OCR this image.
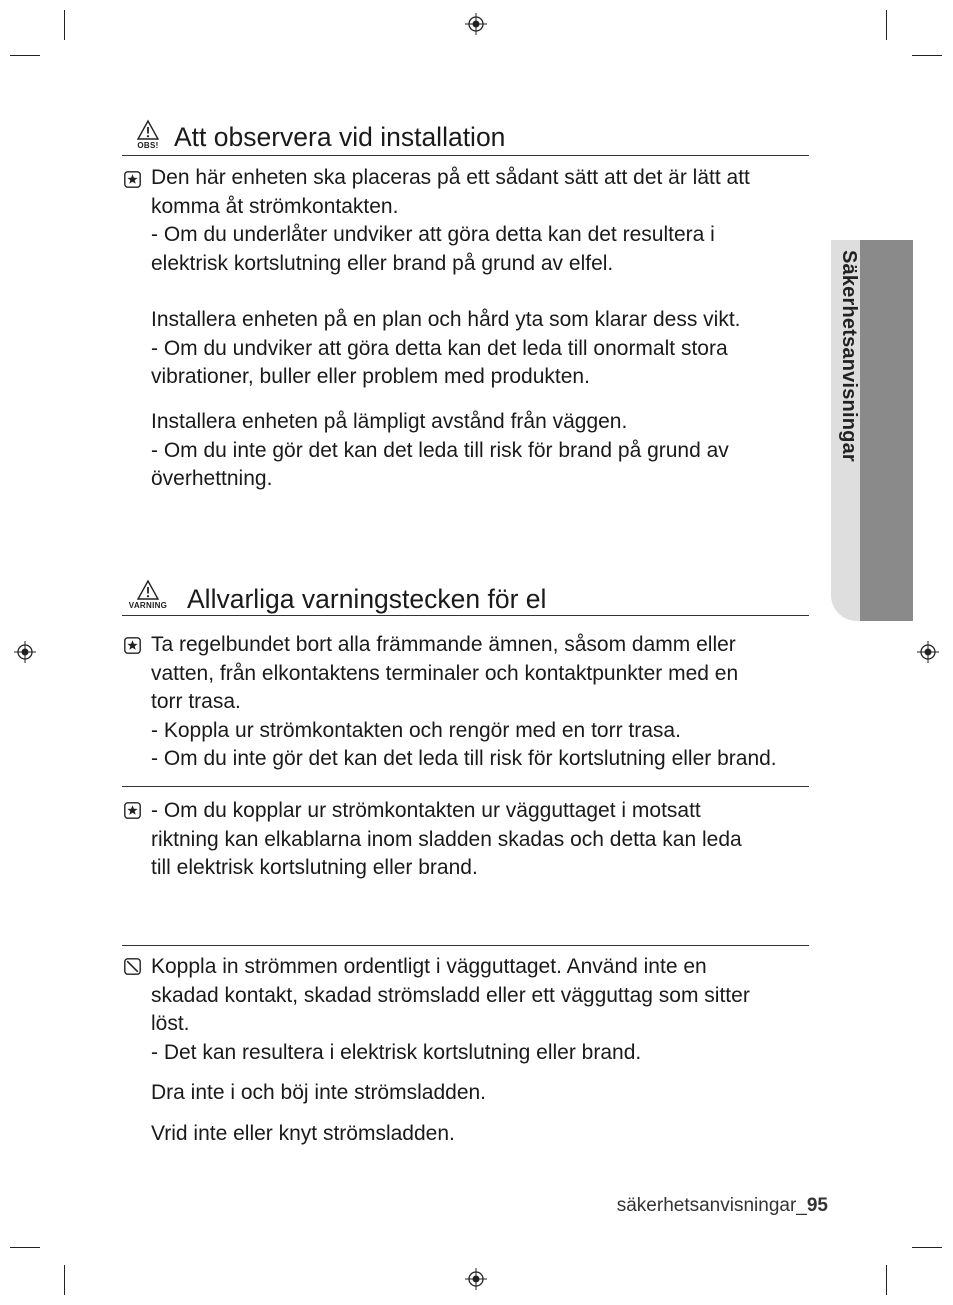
Säkerhetsanvisningar
OBS! Att observera vid installation
Den här enheten ska placeras på ett sådant sätt att det är lätt att
komma åt strömkontakten.
- Om du underlåter undviker att göra detta kan det resultera i
elektrisk kortslutning eller brand på grund av elfel.
Installera enheten på en plan och hård yta som klarar dess vikt.
- Om du undviker att göra detta kan det leda till onormalt stora
vibrationer, buller eller problem med produkten.
Installera enheten på lämpligt avstånd från väggen.
- Om du inte gör det kan det leda till risk för brand på grund av
överhettning.
VARNING Allvarliga varningstecken för el
Ta regelbundet bort alla främmande ämnen, såsom damm eller
vatten, från elkontaktens terminaler och kontaktpunkter med en
torr trasa.
- Koppla ur strömkontakten och rengör med en torr trasa.
- Om du inte gör det kan det leda till risk för kortslutning eller brand.
- Om du kopplar ur strömkontakten ur vägguttaget i motsatt
riktning kan elkablarna inom sladden skadas och detta kan leda
till elektrisk kortslutning eller brand.
Koppla in strömmen ordentligt i vägguttaget. Använd inte en
skadad kontakt, skadad strömsladd eller ett vägguttag som sitter
löst.
- Det kan resultera i elektrisk kortslutning eller brand.
Dra inte i och böj inte strömsladden.
Vrid inte eller knyt strömsladden.
säkerhetsanvisningar_95
